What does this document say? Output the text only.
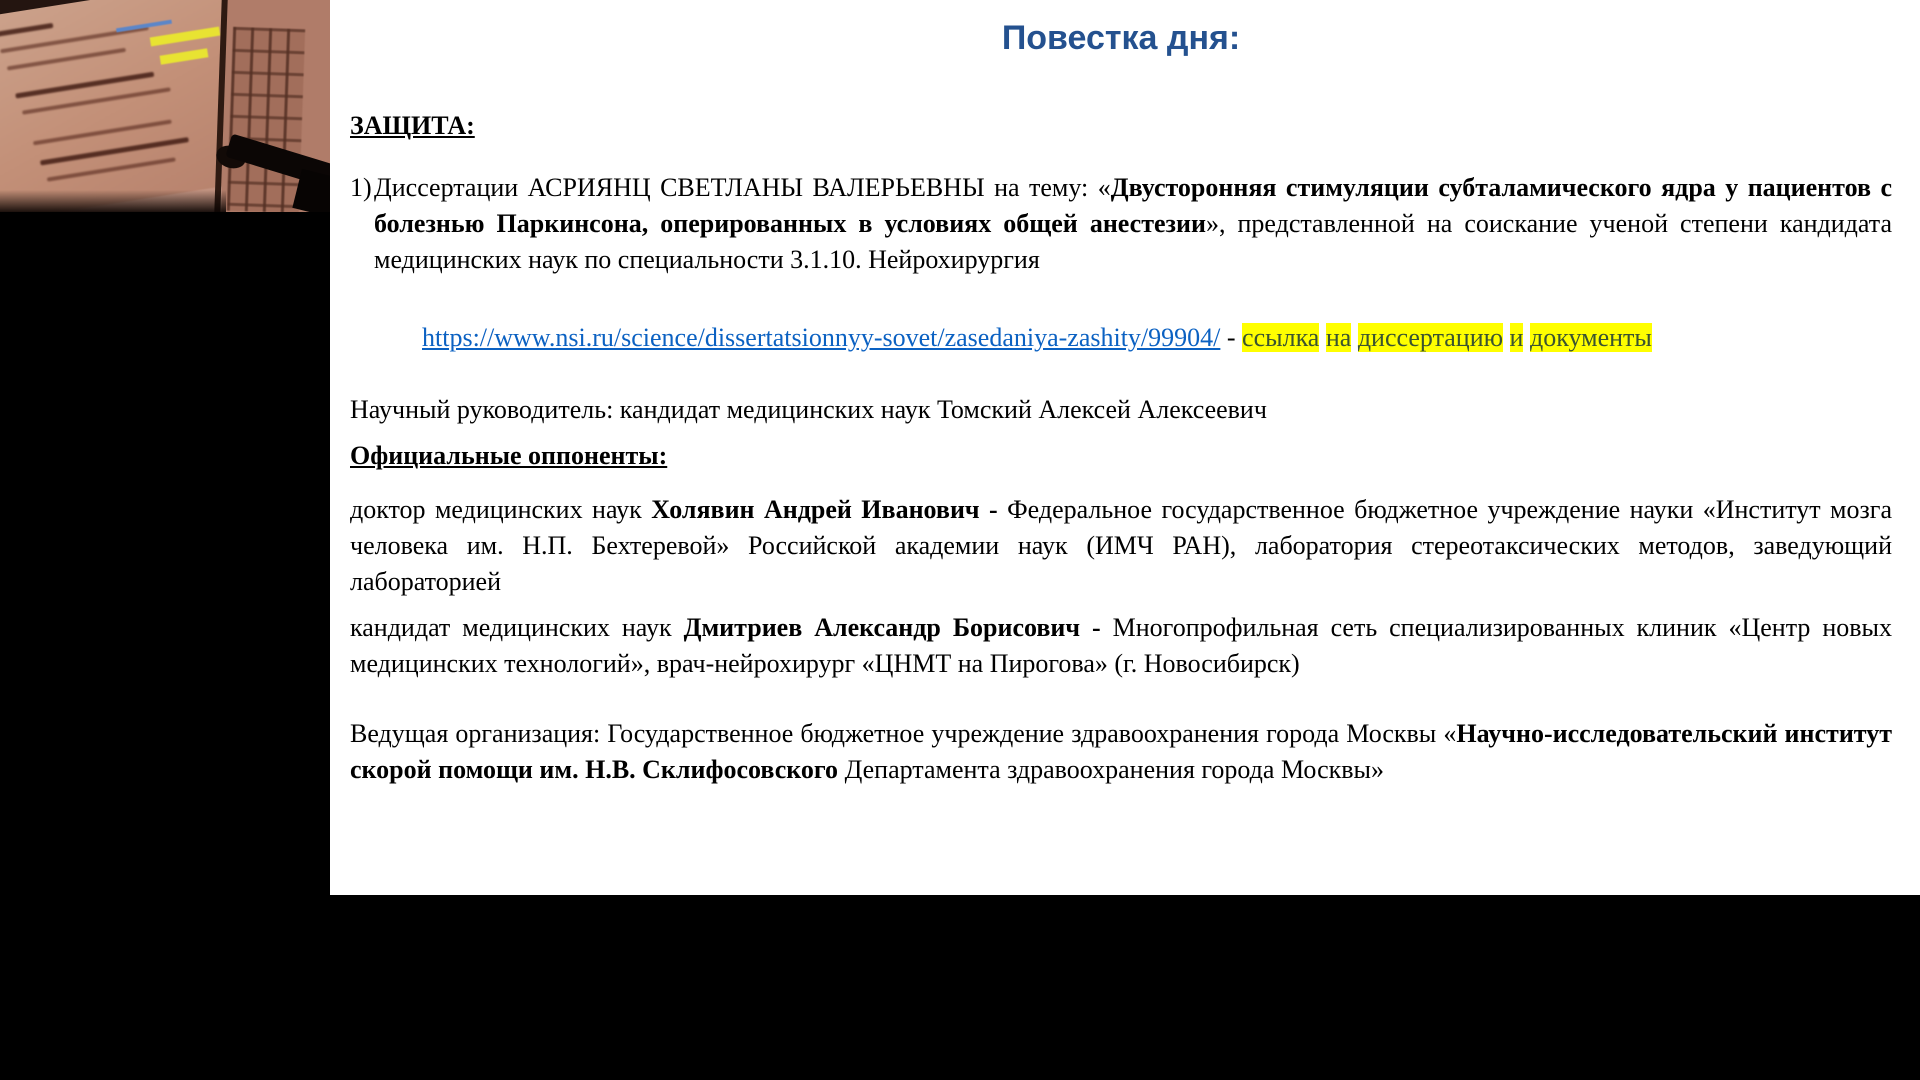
Повестка дня:

ЗАЩИТА:

1) Диссертации АСРИЯНЦ СВЕТЛАНЫ ВАЛЕРЬЕВНЫ на тему: «Двусторонняя стимуляции субталамического ядра у пациентов с болезнью Паркинсона, оперированных в условиях общей анестезии», представленной на соискание ученой степени кандидата медицинских наук по специальности 3.1.10. Нейрохирургия

https://www.nsi.ru/science/dissertatsionnyy-sovet/zasedaniya-zashity/99904/ - ссылка на диссертацию и документы

Научный руководитель: кандидат медицинских наук Томский Алексей Алексеевич

Официальные оппоненты:

доктор медицинских наук Холявин Андрей Иванович - Федеральное государственное бюджетное учреждение науки «Институт мозга человека им. Н.П. Бехтеревой» Российской академии наук (ИМЧ РАН), лаборатория стереотаксических методов, заведующий лабораторией

кандидат медицинских наук Дмитриев Александр Борисович - Многопрофильная сеть специализированных клиник «Центр новых медицинских технологий», врач-нейрохирург «ЦНМТ на Пирогова» (г. Новосибирск)

Ведущая организация: Государственное бюджетное учреждение здравоохранения города Москвы «Научно-исследовательский институт скорой помощи им. Н.В. Склифосовского Департамента здравоохранения города Москвы»
